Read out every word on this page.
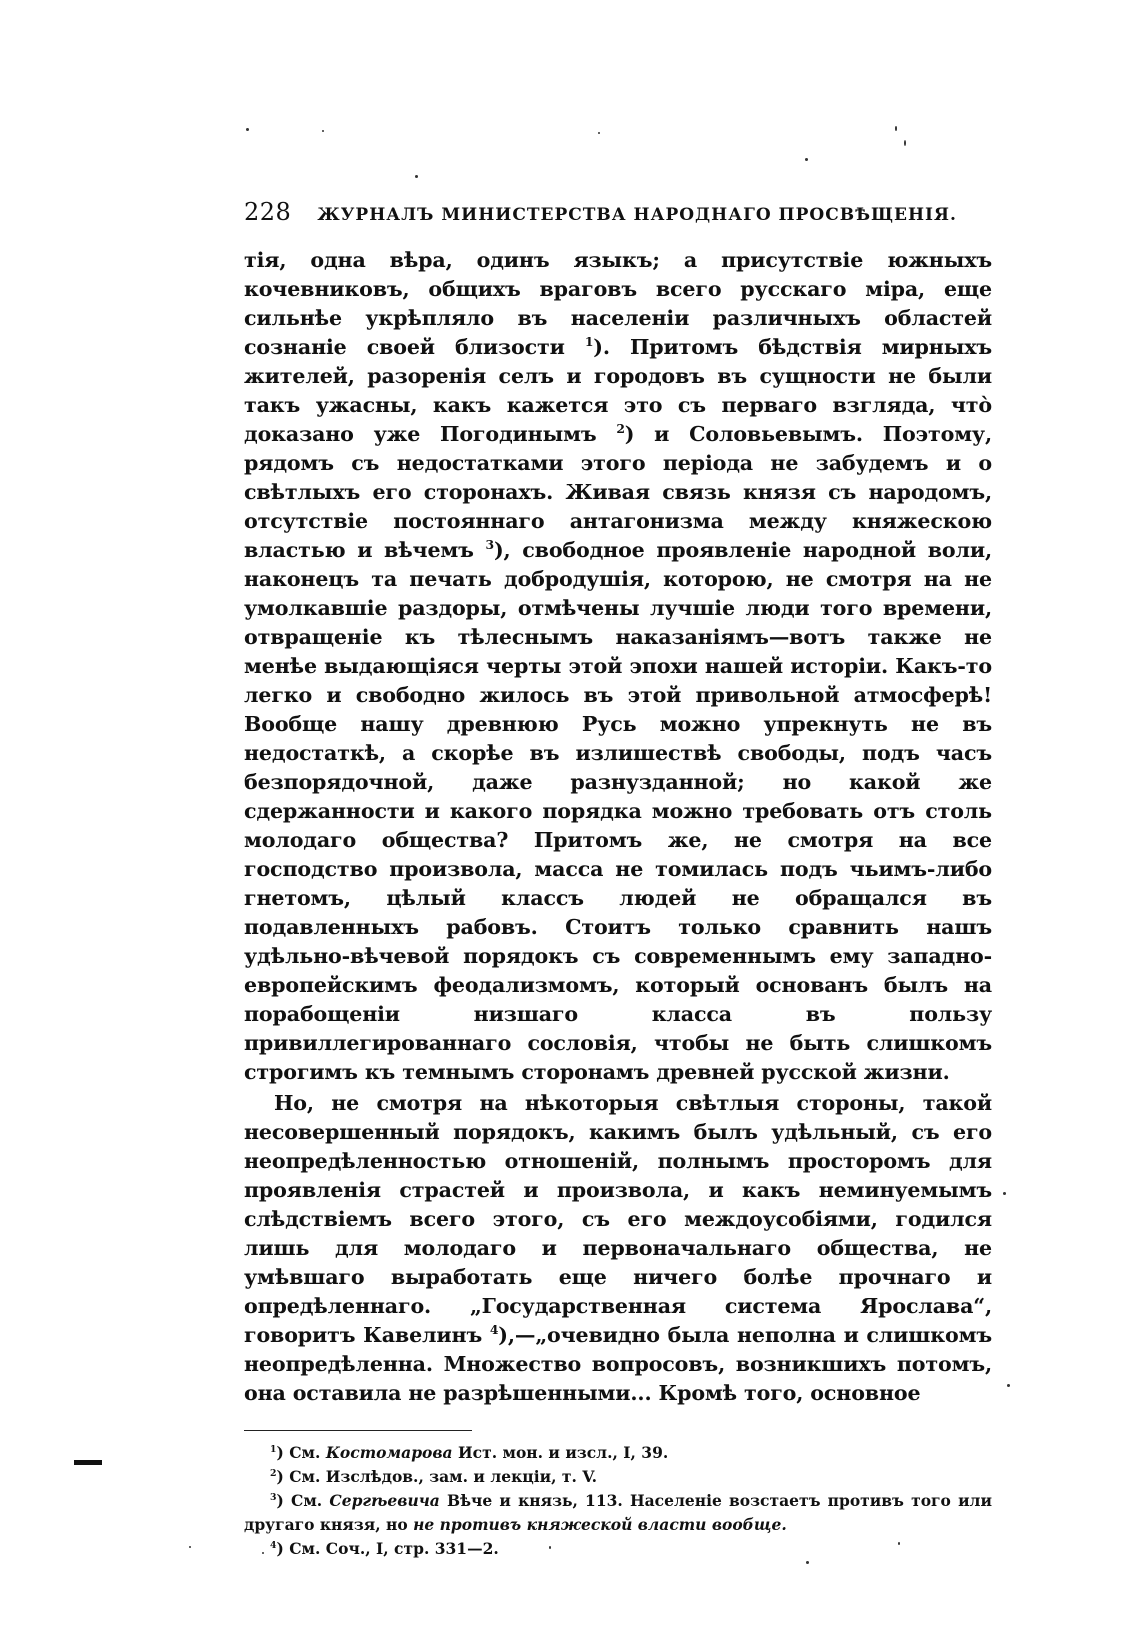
228 ЖУРНАЛЪ МИНИСТЕРСТВА НАРОДНАГО ПРОСВѢЩЕНІЯ.

тія, одна вѣра, одинъ языкъ; а присутствіе южныхъ кочевниковъ, общихъ враговъ всего русскаго міра, еще сильнѣе укрѣпляло въ населеніи различныхъ областей сознаніе своей близости $^1$). Притомъ бѣдствія мирныхъ жителей, разоренія селъ и городовъ въ сущности не были такъ ужасны, какъ кажется это съ перваго взгляда, что̀ доказано уже Погодинымъ $^2$) и Соловьевымъ. Поэтому, рядомъ съ недостатками этого періода не забудемъ и о свѣтлыхъ его сторонахъ. Живая связь князя съ народомъ, отсутствіе постояннаго антагонизма между княжескою властью и вѣчемъ $^3$), свободное проявленіе народной воли, наконецъ та печать добродушія, которою, не смотря на не умолкавшіе раздоры, отмѣчены лучшіе люди того времени, отвращеніе къ тѣлеснымъ наказаніямъ—вотъ также не менѣе выдающіяся черты этой эпохи нашей исторіи. Какъ-то легко и свободно жилось въ этой привольной атмосферѣ! Вообще нашу древнюю Русь можно упрекнуть не въ недостаткѣ, а скорѣе въ излишествѣ свободы, подъ часъ безпорядочной, даже разнузданной; но какой же сдержанности и какого порядка можно требовать отъ столь молодаго общества? Притомъ же, не смотря на все господство произвола, масса не томилась подъ чьимъ-либо гнетомъ, цѣлый классъ людей не обращался въ подавленныхъ рабовъ. Стоитъ только сравнить нашъ удѣльно-вѣчевой порядокъ съ современнымъ ему западно-европейскимъ феодализмомъ, который основанъ былъ на порабощеніи низшаго класса въ пользу привиллегированнаго сословія, чтобы не быть слишкомъ строгимъ къ темнымъ сторонамъ древней русской жизни.

Но, не смотря на нѣкоторыя свѣтлыя стороны, такой несовершенный порядокъ, какимъ былъ удѣльный, съ его неопредѣленностью отношеній, полнымъ просторомъ для проявленія страстей и произвола, и какъ неминуемымъ слѣдствіемъ всего этого, съ его междоусобіями, годился лишь для молодаго и первоначальнаго общества, не умѣвшаго выработать еще ничего болѣе прочнаго и опредѣленнаго. „Государственная система Ярослава“, говоритъ Кавелинъ $^4$),—„очевидно была неполна и слишкомъ неопредѣленна. Множество вопросовъ, возникшихъ потомъ, она оставила не разрѣшенными... Кромѣ того, основное

$^1$) См. Костомарова Ист. мон. и изсл., I, 39.

$^2$) См. Изслѣдов., зам. и лекціи, т. V.

$^3$) См. Сергѣевича Вѣче и князь, 113. Населеніе возстаетъ противъ того или другаго князя, но не противъ княжеской власти вообще.

$^4$) См. Соч., I, стр. 331—2.
